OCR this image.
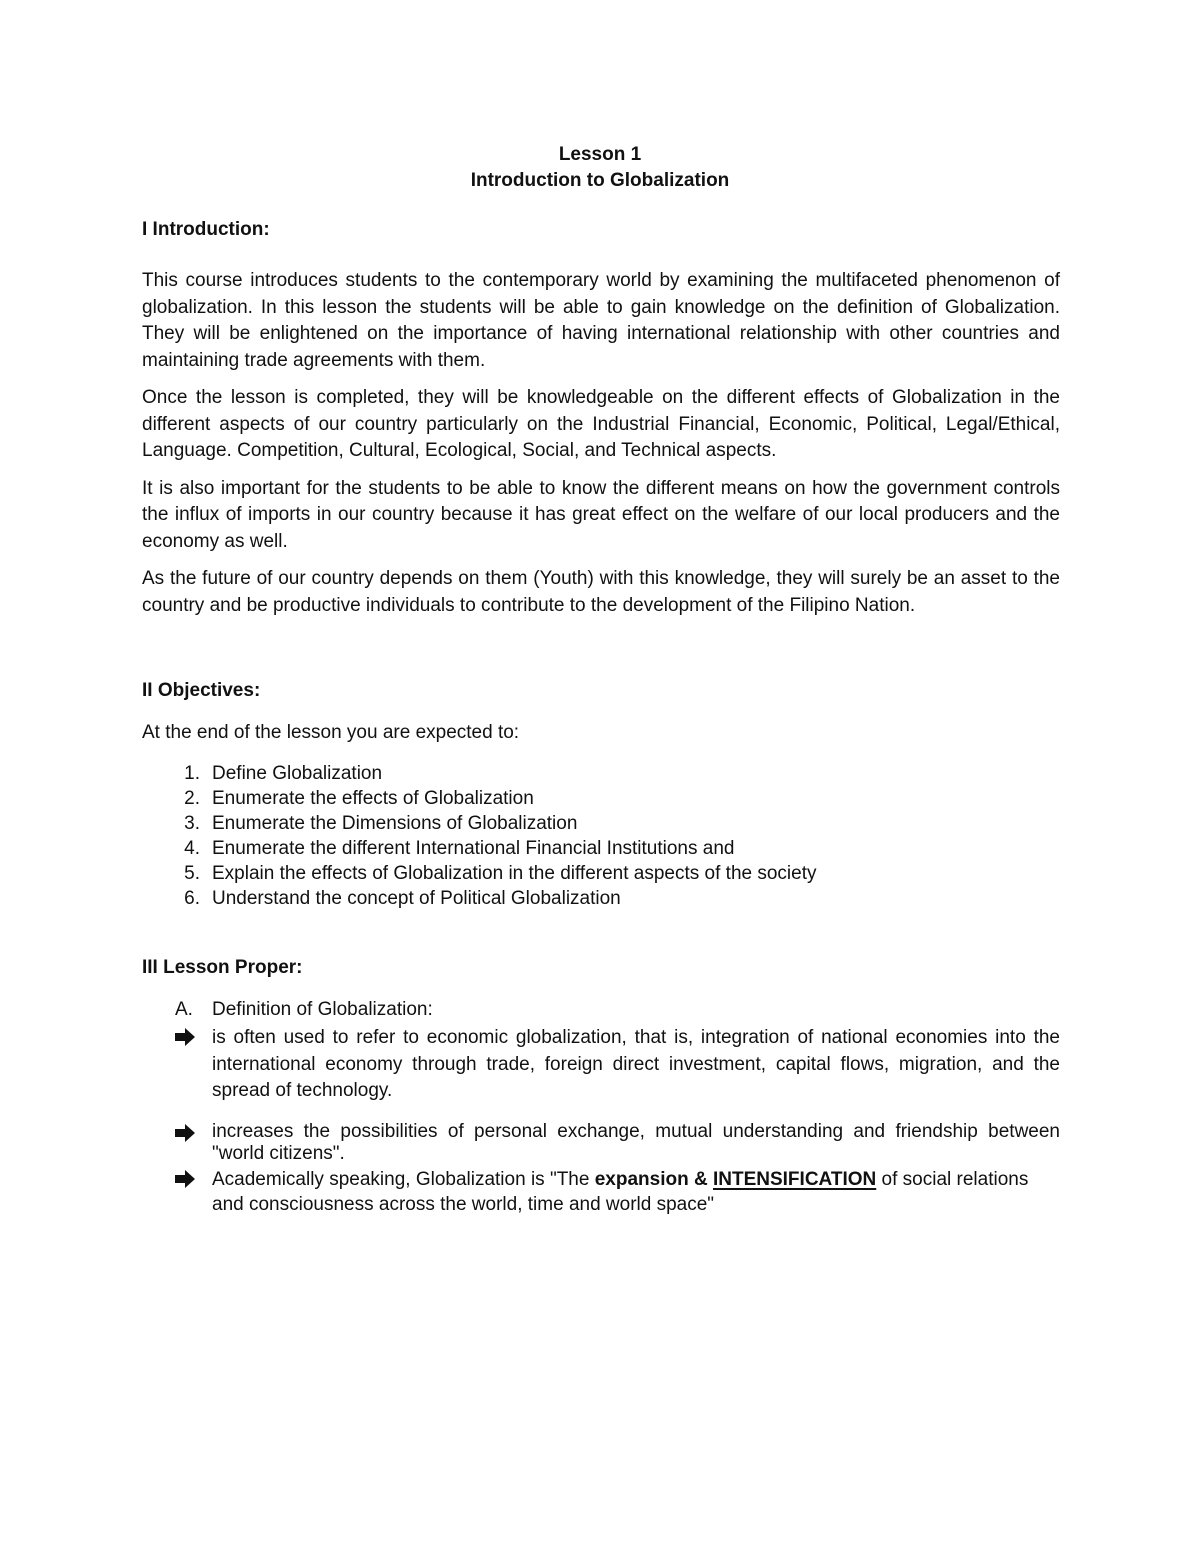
Lesson 1
Introduction to Globalization
I Introduction:

This course introduces students to the contemporary world by examining the multifaceted phenomenon of globalization. In this lesson the students will be able to gain knowledge on the definition of Globalization. They will be enlightened on the importance of having international relationship with other countries and maintaining trade agreements with them.

Once the lesson is completed, they will be knowledgeable on the different effects of Globalization in the different aspects of our country particularly on the Industrial Financial, Economic, Political, Legal/Ethical, Language. Competition, Cultural, Ecological, Social, and Technical aspects.

It is also important for the students to be able to know the different means on how the government controls the influx of imports in our country because it has great effect on the welfare of our local producers and the economy as well.

As the future of our country depends on them (Youth) with this knowledge, they will surely be an asset to the country and be productive individuals to contribute to the development of the Filipino Nation.

II Objectives:
At the end of the lesson you are expected to:
1. Define Globalization
2. Enumerate the effects of Globalization
3. Enumerate the Dimensions of Globalization
4. Enumerate the different International Financial Institutions and
5. Explain the effects of Globalization in the different aspects of the society
6. Understand the concept of Political Globalization
III Lesson Proper:
A. Definition of Globalization:
is often used to refer to economic globalization, that is, integration of national economies into the international economy through trade, foreign direct investment, capital flows, migration, and the spread of technology.
increases the possibilities of personal exchange, mutual understanding and friendship between "world citizens".
Academically speaking, Globalization is "The expansion & INTENSIFICATION of social relations and consciousness across the world, time and world space"
